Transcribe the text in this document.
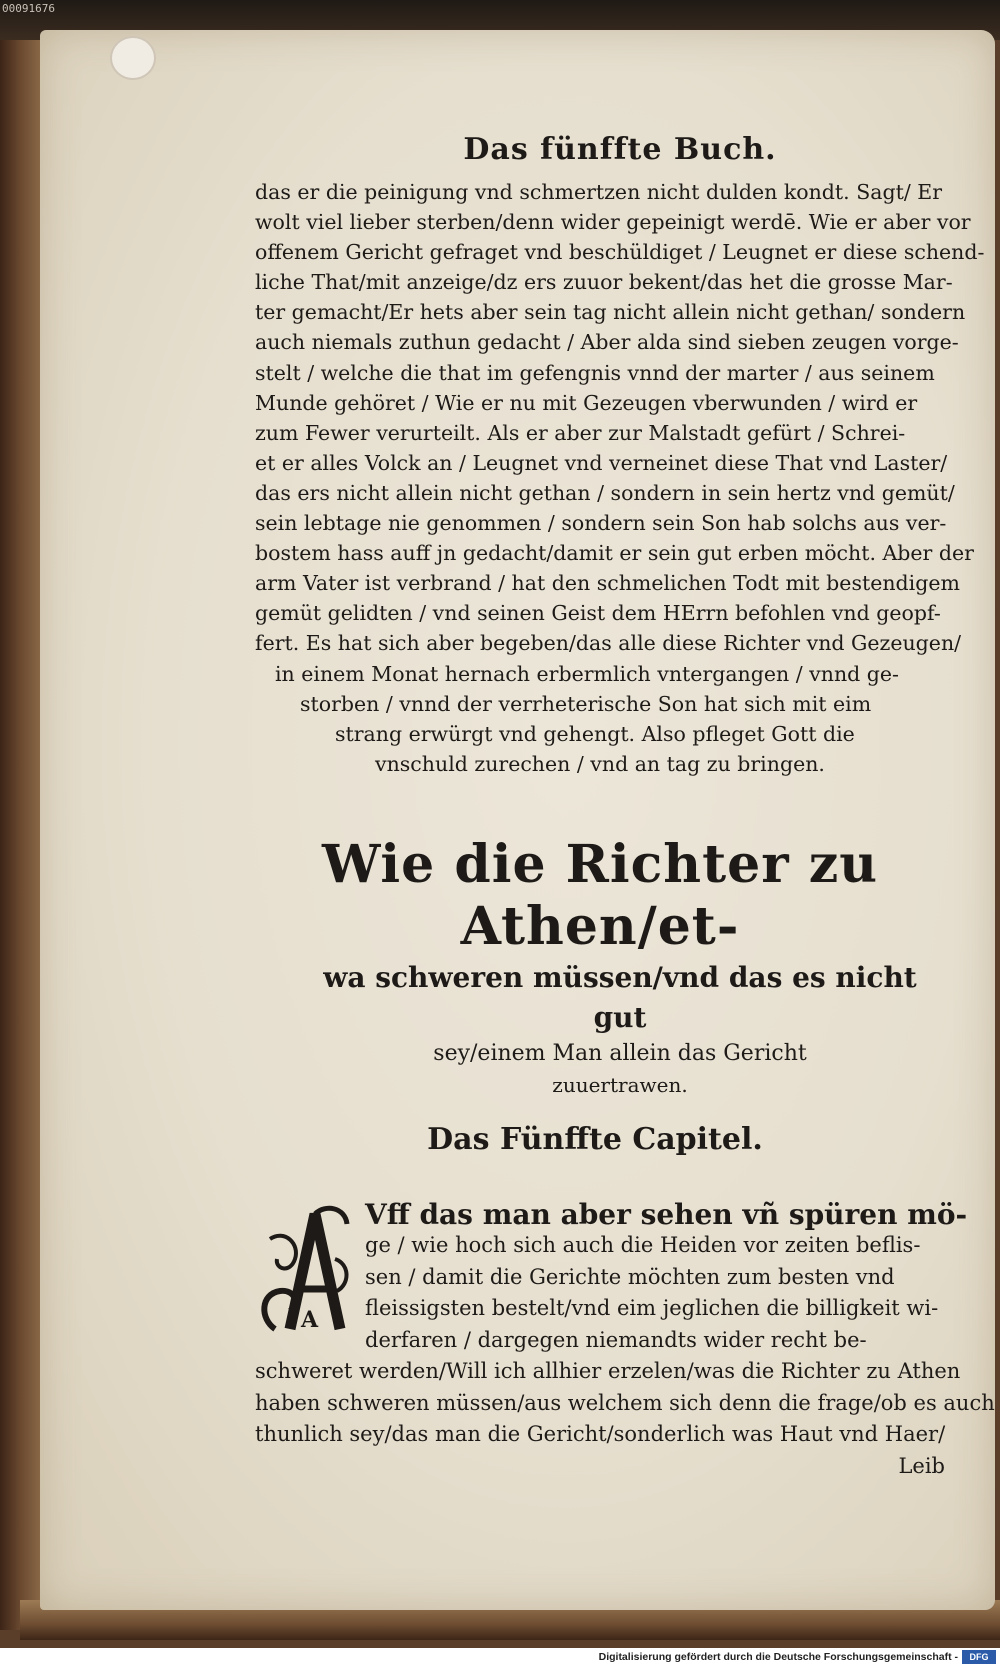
00091676
Das fünffte Buch.
das er die peinigung vnd schmertzen nicht dulden kondt. Sagt/ Er
wolt viel lieber sterben/denn wider gepeinigt werdē. Wie er aber vor
offenem Gericht gefraget vnd beschüldiget / Leugnet er diese schend-
liche That/mit anzeige/dz ers zuuor bekent/das het die grosse Mar-
ter gemacht/Er hets aber sein tag nicht allein nicht gethan/ sondern
auch niemals zuthun gedacht / Aber alda sind sieben zeugen vorge-
stelt / welche die that im gefengnis vnnd der marter / aus seinem
Munde gehöret / Wie er nu mit Gezeugen vberwunden / wird er
zum Fewer verurteilt. Als er aber zur Malstadt gefürt / Schrei-
et er alles Volck an / Leugnet vnd verneinet diese That vnd Laster/
das ers nicht allein nicht gethan / sondern in sein hertz vnd gemüt/
sein lebtage nie genommen / sondern sein Son hab solchs aus ver-
bostem hass auff jn gedacht/damit er sein gut erben möcht. Aber der
arm Vater ist verbrand / hat den schmelichen Todt mit bestendigem
gemüt gelidten / vnd seinen Geist dem HErrn befohlen vnd geopf-
fert. Es hat sich aber begeben/das alle diese Richter vnd Gezeugen/
in einem Monat hernach erbermlich vntergangen / vnnd ge-
storben / vnnd der verrheterische Son hat sich mit eim
strang erwürgt vnd gehengt. Also pfleget Gott die
vnschuld zurechen / vnd an tag zu bringen.
Wie die Richter zu Athen/et-
wa schweren müssen/vnd das es nicht gut
sey/einem Man allein das Gericht
zuuertrawen.
Das Fünffte Capitel.
A
Vff das man aber sehen vñ spüren mö-
ge / wie hoch sich auch die Heiden vor zeiten beflis-
sen / damit die Gerichte möchten zum besten vnd
fleissigsten bestelt/vnd eim jeglichen die billigkeit wi-
derfaren / dargegen niemandts wider recht be-
schweret werden/Will ich allhier erzelen/was die Richter zu Athen
haben schweren müssen/aus welchem sich denn die frage/ob es auch
thunlich sey/das man die Gericht/sonderlich was Haut vnd Haer/
Leib
Digitalisierung gefördert durch die Deutsche Forschungsgemeinschaft -	DFG
